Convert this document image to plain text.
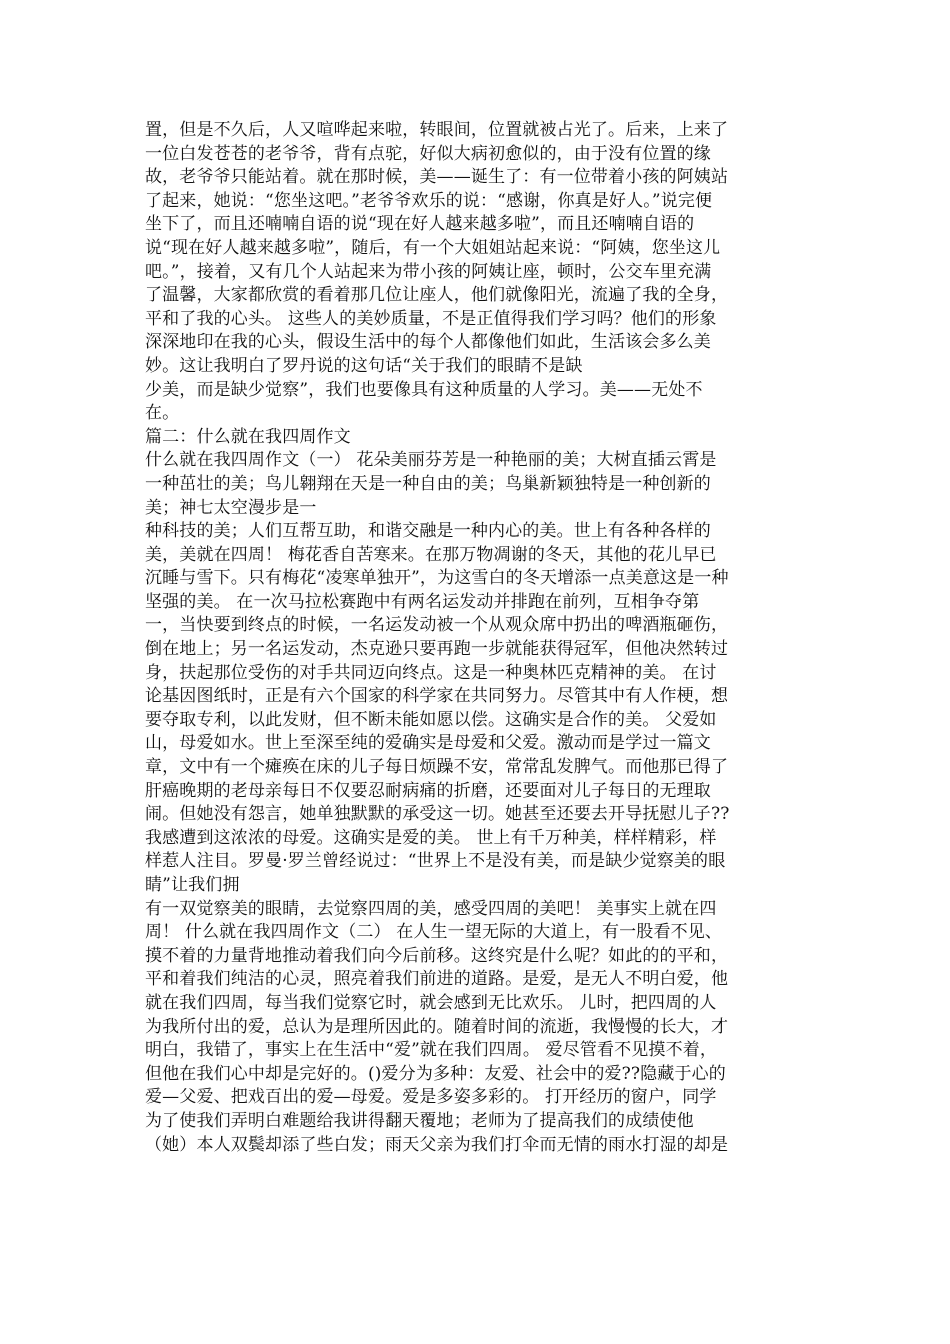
置，但是不久后，人又喧哗起来啦，转眼间，位置就被占光了。后来，上来了
一位白发苍苍的老爷爷，背有点驼，好似大病初愈似的，由于没有位置的缘
故，老爷爷只能站着。就在那时候，美——诞生了：有一位带着小孩的阿姨站
了起来，她说：“您坐这吧。”老爷爷欢乐的说：“感谢，你真是好人。”说完便
坐下了，而且还喃喃自语的说“现在好人越来越多啦”，而且还喃喃自语的
说“现在好人越来越多啦”，随后，有一个大姐姐站起来说：“阿姨，您坐这儿
吧。”，接着，又有几个人站起来为带小孩的阿姨让座，顿时，公交车里充满
了温馨，大家都欣赏的看着那几位让座人，他们就像阳光，流遍了我的全身，
平和了我的心头。 这些人的美妙质量，不是正值得我们学习吗？他们的形象
深深地印在我的心头，假设生活中的每个人都像他们如此，生活该会多么美
妙。这让我明白了罗丹说的这句话“关于我们的眼睛不是缺
少美，而是缺少觉察”，我们也要像具有这种质量的人学习。美——无处不
在。
篇二：什么就在我四周作文
什么就在我四周作文（一） 花朵美丽芬芳是一种艳丽的美；大树直插云霄是
一种茁壮的美；鸟儿翱翔在天是一种自由的美；鸟巢新颖独特是一种创新的
美；神七太空漫步是一
种科技的美；人们互帮互助，和谐交融是一种内心的美。世上有各种各样的
美，美就在四周！ 梅花香自苦寒来。在那万物凋谢的冬天，其他的花儿早已
沉睡与雪下。只有梅花“凌寒单独开”，为这雪白的冬天增添一点美意这是一种
坚强的美。 在一次马拉松赛跑中有两名运发动并排跑在前列，互相争夺第
一，当快要到终点的时候，一名运发动被一个从观众席中扔出的啤酒瓶砸伤，
倒在地上；另一名运发动，杰克逊只要再跑一步就能获得冠军，但他决然转过
身，扶起那位受伤的对手共同迈向终点。这是一种奥林匹克精神的美。 在讨
论基因图纸时，正是有六个国家的科学家在共同努力。尽管其中有人作梗，想
要夺取专利，以此发财，但不断未能如愿以偿。这确实是合作的美。 父爱如
山，母爱如水。世上至深至纯的爱确实是母爱和父爱。激动而是学过一篇文
章，文中有一个瘫痪在床的儿子每日烦躁不安，常常乱发脾气。而他那已得了
肝癌晚期的老母亲每日不仅要忍耐病痛的折磨，还要面对儿子每日的无理取
闹。但她没有怨言，她单独默默的承受这一切。她甚至还要去开导抚慰儿子??
我感遭到这浓浓的母爱。这确实是爱的美。 世上有千万种美，样样精彩，样
样惹人注目。罗曼·罗兰曾经说过：“世界上不是没有美，而是缺少觉察美的眼
睛”让我们拥
有一双觉察美的眼睛，去觉察四周的美，感受四周的美吧！ 美事实上就在四
周！ 什么就在我四周作文（二） 在人生一望无际的大道上，有一股看不见、
摸不着的力量背地推动着我们向今后前移。这终究是什么呢？如此的的平和，
平和着我们纯洁的心灵，照亮着我们前进的道路。是爱，是无人不明白爱，他
就在我们四周，每当我们觉察它时，就会感到无比欢乐。 儿时，把四周的人
为我所付出的爱，总认为是理所因此的。随着时间的流逝，我慢慢的长大，才
明白，我错了，事实上在生活中“爱”就在我们四周。 爱尽管看不见摸不着，
但他在我们心中却是完好的。()爱分为多种：友爱、社会中的爱??隐藏于心的
爱—父爱、把戏百出的爱—母爱。爱是多姿多彩的。 打开经历的窗户，同学
为了使我们弄明白难题给我讲得翻天覆地；老师为了提高我们的成绩使他
（她）本人双鬓却添了些白发；雨天父亲为我们打伞而无情的雨水打湿的却是
